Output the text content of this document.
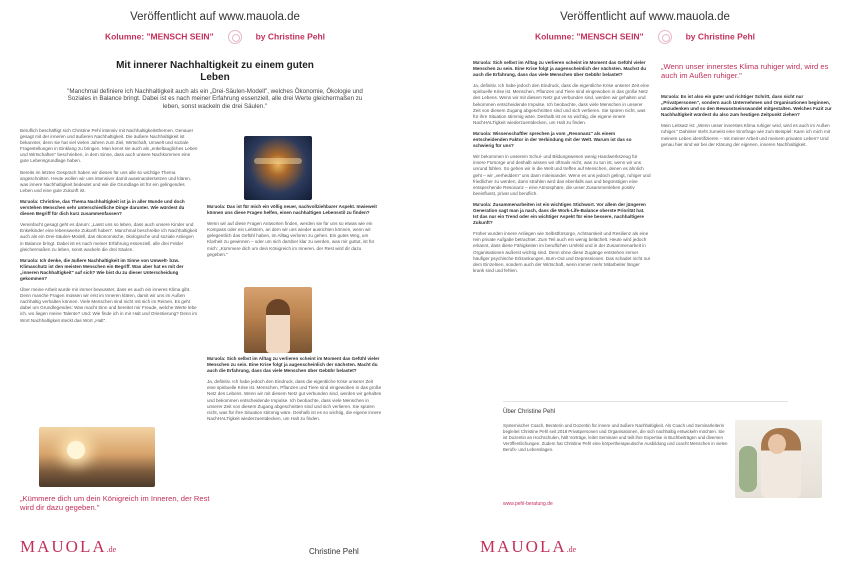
Veröffentlicht auf www.mauola.de
Kolumne: "MENSCH SEIN"	by Christine Pehl
Mit innerer Nachhaltigkeit zu einem guten Leben
"Manchmal definiere ich Nachhaltigkeit auch als ein „Drei-Säulen-Modell", welches Ökonomie, Ökologie und Soziales in Balance bringt. Dabei ist es nach meiner Erfahrung essenziell, alle drei Werte gleichermaßen zu leben, sonst wackeln die drei Säulen."

Beruflich beschäftigt sich Christine Pehl intensiv mit Nachhaltigkeitsthemen. Genauer gesagt mit der inneren und äußeren Nachhaltigkeit. Die äußere Nachhaltigkeit ist bekannter, denn sie hat viel vielen Jahren zum Ziel, Wirtschaft, Umwelt und soziale Fragestellungen in Einklang zu bringen. Man kennt sie auch als „enkeltaugliches Leben und Wirtschaften" beschrieben, in dem Sinne, dass auch unsere Nachkommen eine gute Lebensgrundlage haben.

Bereits im letzten Gespräch haben wir dieses für uns alle so wichtige Thema angeschnitten. Heute wollen wir uns intensiver damit auseinandersetzen und klären, was innere Nachhaltigkeit bedeutet und wie die Grundlage ist für ein gelingendes Leben und eine gute Zukunft ist.

Ma'uola: Christine, das Thema Nachhaltigkeit ist ja in aller Munde und doch verstehen Menschen sehr unterschiedliche Dinge darunter. Wie würdest du diesen Begriff für dich kurz zusammenfassen?

Vereinfacht gesagt geht es darum: „Lasst uns so leben, dass auch unsere Kinder und Enkelkinder eine lebenswerte Zukunft haben". Manchmal beschreibe ich Nachhaltigkeit auch als ein Drei-Säulen-Modell, das ökonomische, ökologische und soziale Anliegen in Balance bringt. Dabei ist es nach meiner Erfahrung essenziell, alle drei Felder gleichermaßen zu leben, sonst wackeln die drei Säulen.

Ma'uola: Ich denke, die äußere Nachhaltigkeit im Sinne von Umwelt- bzw. Klimaschutz ist den meisten Menschen ein Begriff. Was aber hat es mit der „inneren Nachhaltigkeit" auf sich? Wie bist du zu dieser Unterscheidung gekommen?

Über meine Arbeit wurde mir immer bewusster, dass es auch ein inneres Klima gibt. Denn manche Fragen müssen wir erst im Inneren klären, damit wir uns im Außen nachhaltig verhalten können. Viele Menschen sind nicht mit sich im Reinen. Es geht dabei um Grundlegendes: Was macht Sinn und bereitet mir Freude, welche Werte lebe ich, wo liegen meine Talente? Und: Wie finde ich in mir Halt und Orientierung? Denn im Wort Nachhaltigkeit steckt das Wort „Halt".

Ma'uola: Das ist für mich ein völlig neuer, nachvollziehbarer Aspekt. Inwieweit können uns diese Fragen helfen, einen nachhaltigen Lebensstil zu finden?

Wenn wir auf diese Fragen Antworten finden, werden sie für uns so etwas wie ein Kompass oder ein Leitstern, an dem wir uns wieder ausrichten können, wenn wir gelegentlich das Gefühl haben, im Alltag verloren zu gehen. Ein gutes Weg, um Klarheit zu gewinnen – oder um sich darüber klar zu werden, was mir guttut, ist für mich: „Kümmere dich um dein Königreich im Inneren, der Rest wird dir dazu gegeben."

Ma'uola: Sich selbst im Alltag zu verlieren scheint im Moment das Gefühl vieler Menschen zu sein. Eine Krise folgt ja augenscheinlich der nächsten. Macht du auch die Erfahrung, dass das viele Menschen über Gebühr belastet?

Ja, definitiv. Ich habe jedoch den Eindruck, dass die eigentliche Krise unserer Zeit eine spirituelle Krise ist. Menschen, Pflanzen und Tiere sind eingewoben in das große Netz des Lebens. Wenn wir mit diesem Netz gut verbunden sind, werden wir gehalten und bekommen entscheidende Impulse. Ich beobachte, dass viele Menschen in unserer Zeit von diesem Zugang abgeschnitten sind und sich verlieren. Sie spüren nicht, was für ihre Situation stimmig wäre. Deshalb ist es so wichtig, die eigene innere NachHALTigkeit wiederzuentdecken, um Halt zu finden.

„Kümmere dich um dein Königreich im Inneren, der Rest wird dir dazu gegeben."
MAUOLA.de	Christine Pehl
Veröffentlicht auf www.mauola.de
Kolumne: "MENSCH SEIN"	by Christine Pehl

Ma'uola: Sich selbst im Alltag zu verlieren scheint im Moment das Gefühl vieler Menschen zu sein. Eine Krise folgt ja augenscheinlich der nächsten. Machst du auch die Erfahrung, dass das viele Menschen über Gebühr belastet?

Ja, definitiv. Ich habe jedoch den Eindruck, dass die eigentliche Krise unserer Zeit eine spirituelle Krise ist. Menschen, Pflanzen und Tiere sind eingewoben in das große Netz des Lebens. Wenn wir mit diesem Netz gut verbunden sind, werden wir gehalten und bekommen entscheidende Impulse. Ich beobachte, dass viele Menschen in unserer Zeit von diesem Zugang abgeschnitten sind und sich verlieren. Sie spüren nicht, was für ihre Situation stimmig wäre. Deshalb ist es so wichtig, die eigene innere NachHALTigkeit wiederzuentdecken, um Halt zu finden.

Ma'uola: Wissenschaftler sprechen ja vom „Resonanz" als einem entscheidenden Faktor in der Verbindung mit der Welt. Warum ist das so schwierig für uns?

Wir bekommen in unserem Schul- und Bildungswesen wenig Handwerkszeug für innere Fürsorge und deshalb wissen wir oftmals nicht, was zu tun ist, wenn wir uns unrund fühlen. So gehen wir in die Welt und treffen auf Menschen, denen es ähnlich geht – wir „verheddern" uns dann miteinander. Wenn es uns jedoch gelingt, ruhiger und friedlicher zu werden, dann strahlen wird das ebenfalls aus und begünstigen eine entspechende Resonanz – eine Atmosphäre, die unser Zusammenleben positiv beeinflusst, privat und beruflich.

Ma'uola: Zusammenarbeiten ist ein wichtiges Stichwort. Vor allem der jüngeren Generation sagt man ja nach, dass die Work-Life-Balance oberste Priorität hat. Ist das nur ein Trend oder ein wichtiger Aspekt für eine bessere, nachhaltigere Zukunft?

Früher wurden innere Anliegen wie Selbstfürsorge, Achtsamkeit und Resilienz als eine rein private Aufgabe betrachtet. Zum Teil auch ein wenig belächelt. Heute wird jedoch erkannt, dass diese Fähigkeiten im beruflichen Umfeld und in der Zusammenarbeit in Organisationen äußerst wichtig sind. Denn ohne diese Zugänge entstehen immer häufiger psychische Erkrankungen, Burn-Out und Depressionen. Das schadet nicht nur dem Einzelnen, sondern auch der Wirtschaft, wenn immer mehr Mitarbeiter länger krank sind und fehlen.

„Wenn unser innerstes Klima ruhiger wird, wird es auch im Außen ruhiger."

Ma'uola: Es ist also ein guter und richtiger Schritt, dass nicht nur „Privatpersonen", sondern auch Unternehmen und Organisationen beginnen, umzudenken und so den Bewusstseinswandel mitgestalten. Welches Fazit zur Nachhaltigkeit würdest du also zum heutigen Zeitpunkt ziehen?

Mein Leitsatz ist: „Wenn unser innerstes Klima ruhiger wird, wird es auch im Außen ruhiger." Dahinter steht zumeist eine Sinnfrage wie zum Beispiel: Kann ich mich mit meinem Leben identifizieren – mit meiner Arbeit und meinem privaten Leben? Und genau hier sind wir bei der Klärung der eigenen, inneren Nachhaltigkeit.

Über Christine Pehl
Systemischer Coach, Beraterin und Dozentin für innere und äußere Nachhaltigkeit. Als Coach und Seminarleiterin begleitet Christine Pehl seit 2018 Privatpersonen und Organisationen, die sich nachhaltig entwickeln möchten. Sie ist Dozentin an Hochschulen, hält Vorträge, leitet Seminare und teilt ihre Expertise in Buchbeiträgen und diversen Veröffentlichungen. Zudem hat Christine Pehl eine körpertherapeutische Ausbildung und coacht Menschen in vielen Berufs- und Lebenslagen.
www.pehl-beratung.de
MAUOLA.de
